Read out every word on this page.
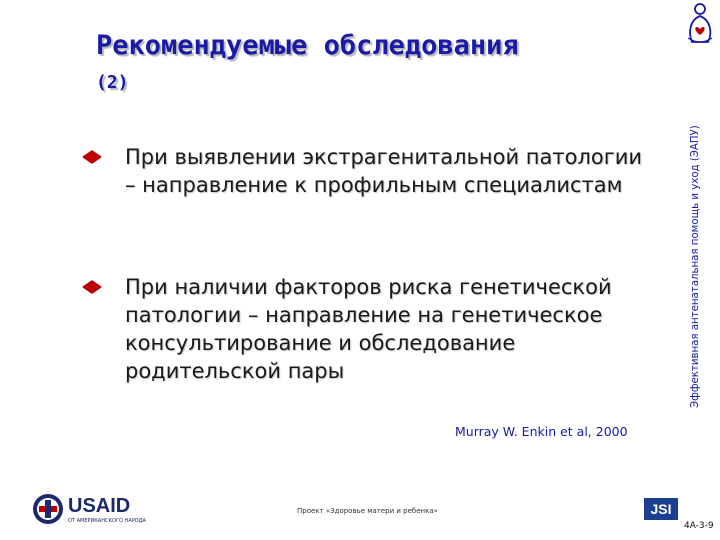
Рекомендуемые обследования
(2)
При выявлении экстрагенитальной патологии – направление к профильным специалистам
При наличии факторов риска генетической патологии – направление на генетическое консультирование и обследование родительской пары	Эффективная антенатальная помощь и уход (ЭАПУ)
Murray W. Enkin et al, 2000
USAID
ОТ АМЕРИКАНСКОГО НАРОДА
Проект «Здоровье матери и ребенка»	JSI
4A-3-9
